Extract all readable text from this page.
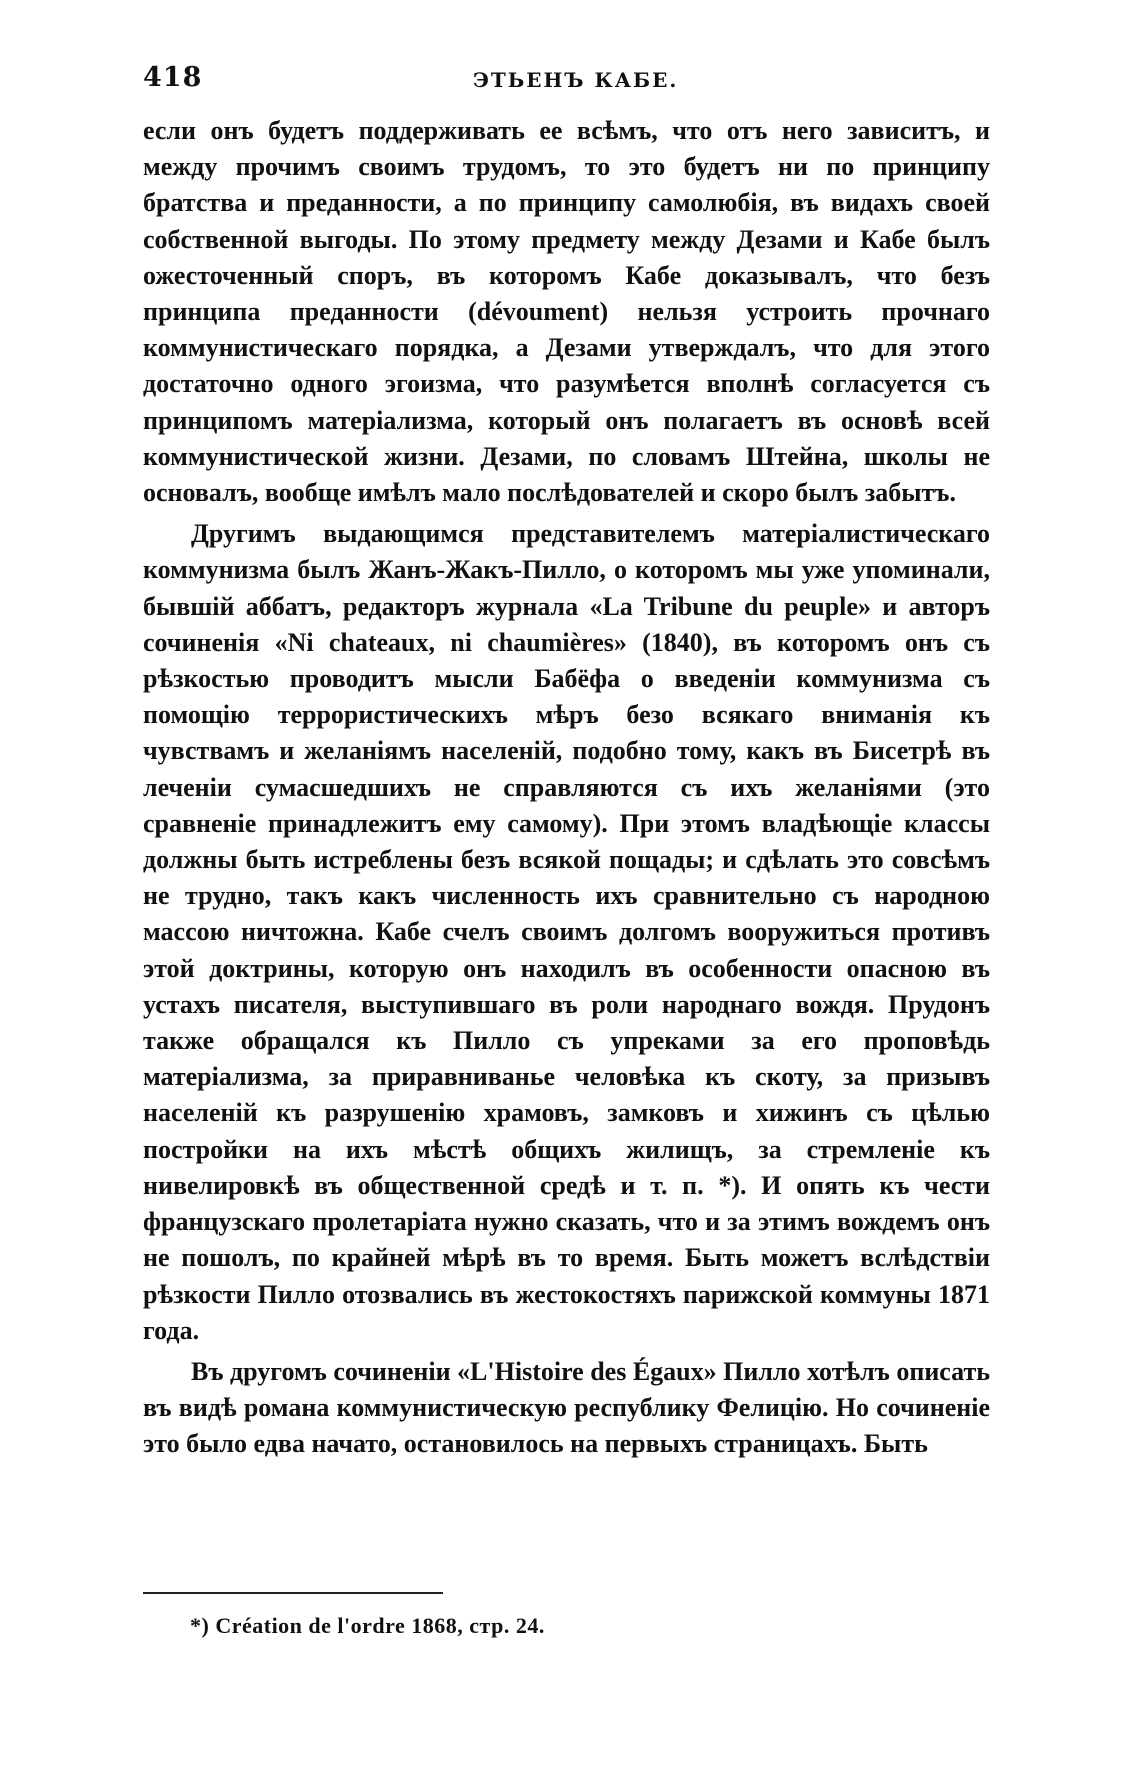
418	ЭТЬЕНЪ КАБЕ.

если онъ будетъ поддерживать ее всѣмъ, что отъ него зависитъ, и между прочимъ своимъ трудомъ, то это будетъ ни по принципу братства и преданности, а по принципу самолюбія, въ видахъ своей собственной выгоды. По этому предмету между Дезами и Кабе былъ ожесточенный споръ, въ которомъ Кабе доказывалъ, что безъ принципа преданности (dévoument) нельзя устроить прочнаго коммунистическаго порядка, а Дезами утверждалъ, что для этого достаточно одного эгоизма, что разумѣется вполнѣ согласуется съ принципомъ матеріализма, который онъ полагаетъ въ основѣ всей коммунистической жизни. Дезами, по словамъ Штейна, школы не основалъ, вообще имѣлъ мало послѣдователей и скоро былъ забытъ.

Другимъ выдающимся представителемъ матеріалистическаго коммунизма былъ Жанъ-Жакъ-Пилло, о которомъ мы уже упоминали, бывшій аббатъ, редакторъ журнала «La Tribune du peuple» и авторъ сочиненія «Ni chateaux, ni chaumières» (1840), въ которомъ онъ съ рѣзкостью проводитъ мысли Бабёфа о введеніи коммунизма съ помощію террористическихъ мѣръ безо всякаго вниманія къ чувствамъ и желаніямъ населеній, подобно тому, какъ въ Бисетрѣ въ леченіи сумасшедшихъ не справляются съ ихъ желаніями (это сравненіе принадлежитъ ему самому). При этомъ владѣющіе классы должны быть истреблены безъ всякой пощады; и сдѣлать это совсѣмъ не трудно, такъ какъ численность ихъ сравнительно съ народною массою ничтожна. Кабе счелъ своимъ долгомъ вооружиться противъ этой доктрины, которую онъ находилъ въ особенности опасною въ устахъ писателя, выступившаго въ роли народнаго вождя. Прудонъ также обращался къ Пилло съ упреками за его проповѣдь матеріализма, за приравниванье человѣка къ скоту, за призывъ населеній къ разрушенію храмовъ, замковъ и хижинъ съ цѣлью постройки на ихъ мѣстѣ общихъ жилищъ, за стремленіе къ нивелировкѣ въ общественной средѣ и т. п. *). И опять къ чести французскаго пролетаріата нужно сказать, что и за этимъ вождемъ онъ не пошолъ, по крайней мѣрѣ въ то время. Быть можетъ вслѣдствіи рѣзкости Пилло отозвались въ жестокостяхъ парижской коммуны 1871 года.

Въ другомъ сочиненіи «L'Histoire des Égaux» Пилло хотѣлъ описать въ видѣ романа коммунистическую республику Фелицію. Но сочиненіе это было едва начато, остановилось на первыхъ страницахъ. Быть

*) Création de l'ordre 1868, стр. 24.
